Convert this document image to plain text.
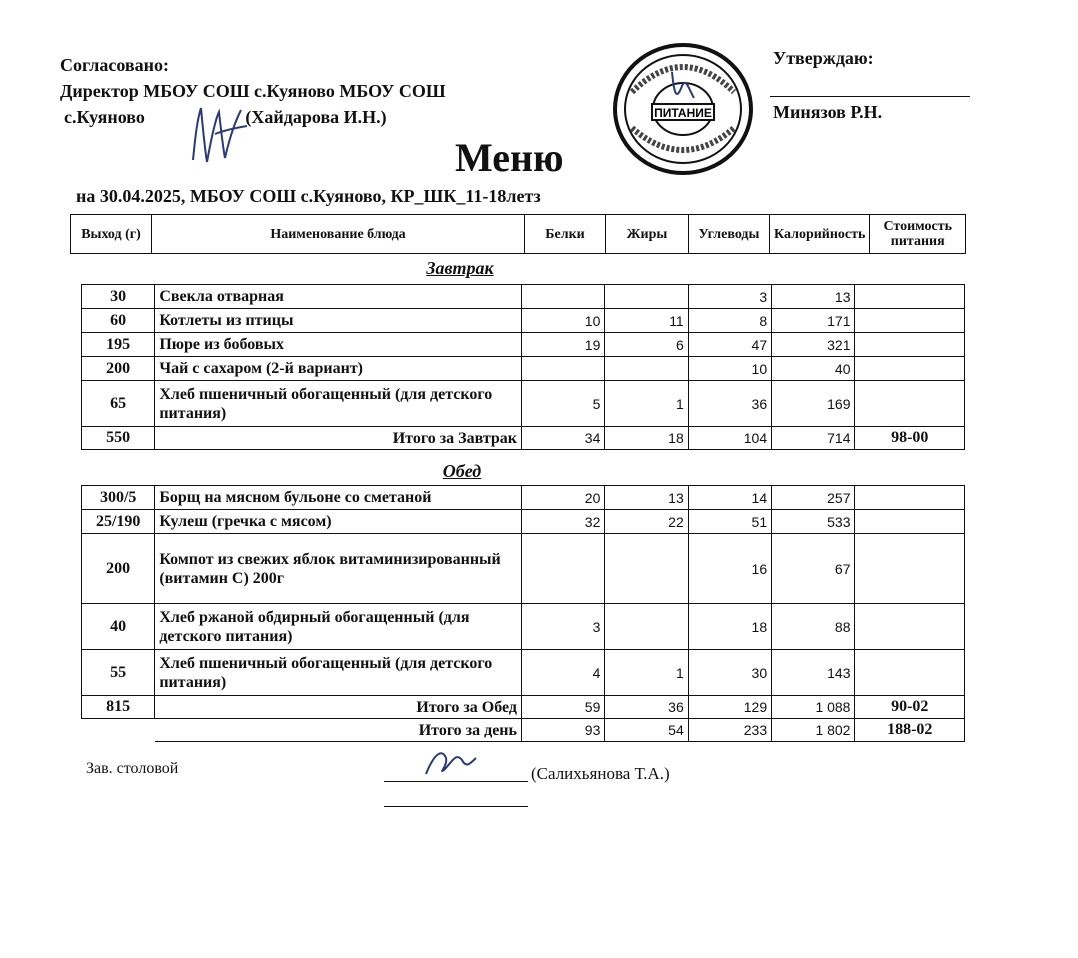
Согласовано:
Директор МБОУ СОШ с.Куяново МБОУ СОШ
с.Куяново	(Хайдарова И.Н.)	ПИТАНИЕ
Утверждаю:
Минязов Р.Н.
Меню
на 30.04.2025, МБОУ СОШ с.Куяново, КР_ШК_11-18летз
Выход (г)	Наименование блюда	Белки	Жиры	Углеводы	Калорийность	Стоимость питания
Завтрак
30	Свекла отварная			3	13	
60	Котлеты из птицы	10	11	8	171	
195	Пюре из бобовых	19	6	47	321	
200	Чай с сахаром (2-й вариант)			10	40	
65	Хлеб пшеничный обогащенный (для детского питания)	5	1	36	169	
550	Итого за Завтрак	34	18	104	714	98-00
Обед
300/5	Борщ на мясном бульоне со сметаной	20	13	14	257	
25/190	Кулеш (гречка с мясом)	32	22	51	533	
200	Компот из свежих яблок витаминизированный (витамин С) 200г			16	67	
40	Хлеб ржаной обдирный обогащенный (для детского питания)	3		18	88	
55	Хлеб пшеничный обогащенный (для детского питания)	4	1	30	143	
815	Итого за Обед	59	36	129	1 088	90-02
	Итого за день	93	54	233	1 802	188-02
Зав. столовой	(Салихьянова Т.А.)
